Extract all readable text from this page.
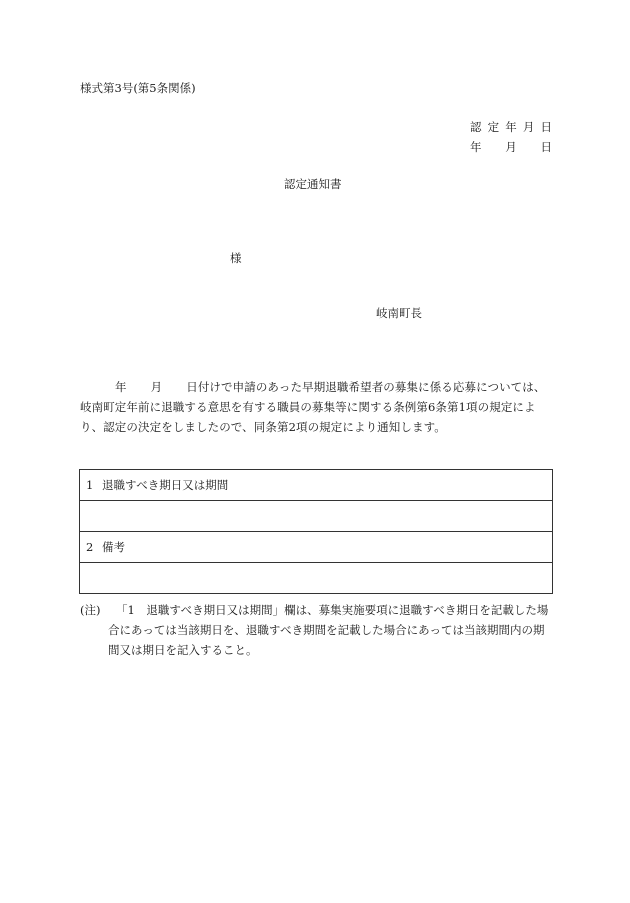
様式第3号(第5条関係)
認 定 年 月 日
年 月 日
認定通知書
様
岐南町長
年 月 日付けで申請のあった早期退職希望者の募集に係る応募については、岐南町定年前に退職する意思を有する職員の募集等に関する条例第6条第1項の規定により、認定の決定をしましたので、同条第2項の規定により通知します。
1 退職すべき期日又は期間

2 備考

(注)	「1　退職すべき期日又は期間」欄は、募集実施要項に退職すべき期日を記載した場合にあっては当該期日を、退職すべき期間を記載した場合にあっては当該期間内の期間又は期日を記入すること。
